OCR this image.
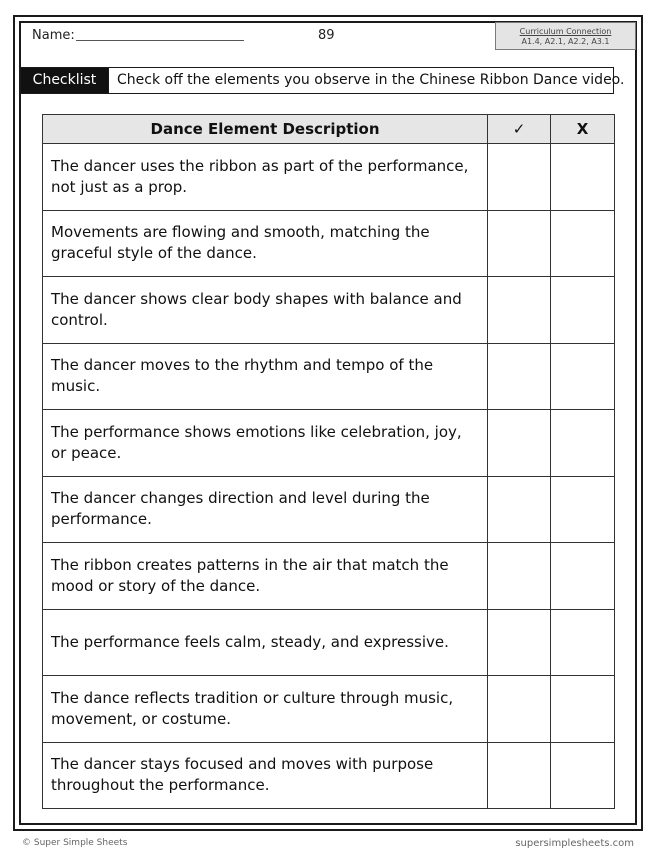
Name:	89	Curriculum Connection
A1.4, A2.1, A2.2, A3.1
Checklist	Check off the elements you observe in the Chinese Ribbon Dance video.
Dance Element Description	✓	X
The dancer uses the ribbon as part of the performance, not just as a prop.		
Movements are flowing and smooth, matching the graceful style of the dance.		
The dancer shows clear body shapes with balance and control.		
The dancer moves to the rhythm and tempo of the music.		
The performance shows emotions like celebration, joy, or peace.		
The dancer changes direction and level during the performance.		
The ribbon creates patterns in the air that match the mood or story of the dance.		
The performance feels calm, steady, and expressive.		
The dance reflects tradition or culture through music, movement, or costume.		
The dancer stays focused and moves with purpose throughout the performance.		
© Super Simple Sheets	supersimplesheets.com
